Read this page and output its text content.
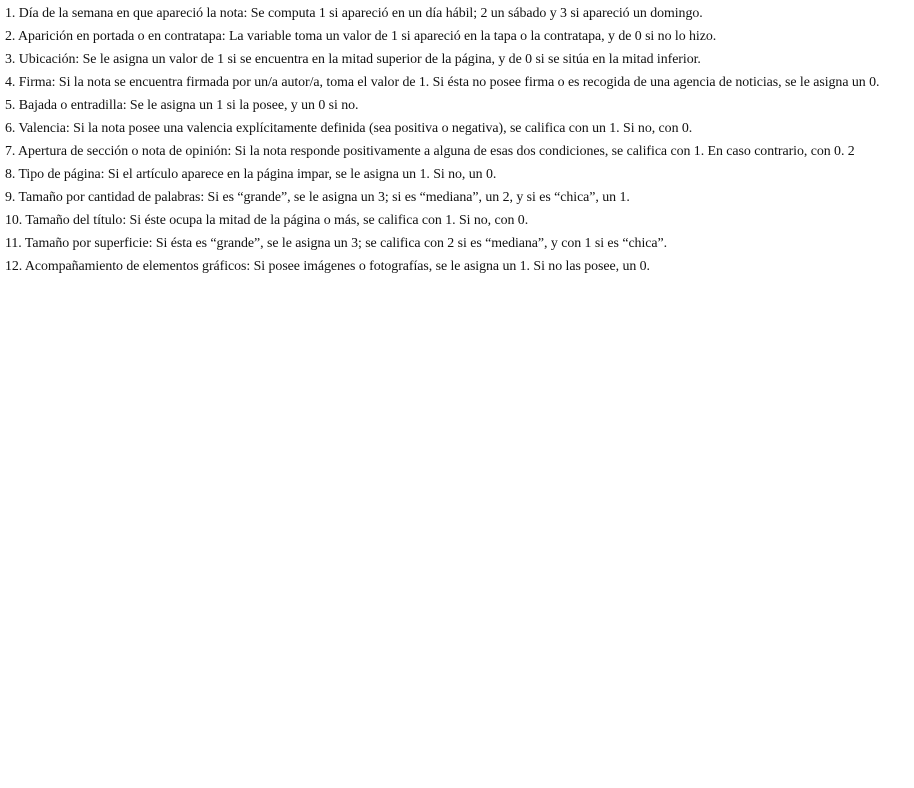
1. Día de la semana en que apareció la nota: Se computa 1 si apareció en un día hábil; 2 un sábado y 3 si apareció un domingo.
2. Aparición en portada o en contratapa: La variable toma un valor de 1 si apareció en la tapa o la contratapa, y de 0 si no lo hizo.
3. Ubicación: Se le asigna un valor de 1 si se encuentra en la mitad superior de la página, y de 0 si se sitúa en la mitad inferior.
4. Firma: Si la nota se encuentra firmada por un/a autor/a, toma el valor de 1. Si ésta no posee firma o es recogida de una agencia de noticias, se le asigna un 0.
5. Bajada o entradilla: Se le asigna un 1 si la posee, y un 0 si no.
6. Valencia: Si la nota posee una valencia explícitamente definida (sea positiva o negativa), se califica con un 1. Si no, con 0.
7. Apertura de sección o nota de opinión: Si la nota responde positivamente a alguna de esas dos condiciones, se califica con 1. En caso contrario, con 0. 2
8. Tipo de página: Si el artículo aparece en la página impar, se le asigna un 1. Si no, un 0.
9. Tamaño por cantidad de palabras: Si es “grande”, se le asigna un 3; si es “mediana”, un 2, y si es “chica”, un 1.
10. Tamaño del título: Si éste ocupa la mitad de la página o más, se califica con 1. Si no, con 0.
11. Tamaño por superficie: Si ésta es “grande”, se le asigna un 3; se califica con 2 si es “mediana”, y con 1 si es “chica”.
12. Acompañamiento de elementos gráficos: Si posee imágenes o fotografías, se le asigna un 1. Si no las posee, un 0.
